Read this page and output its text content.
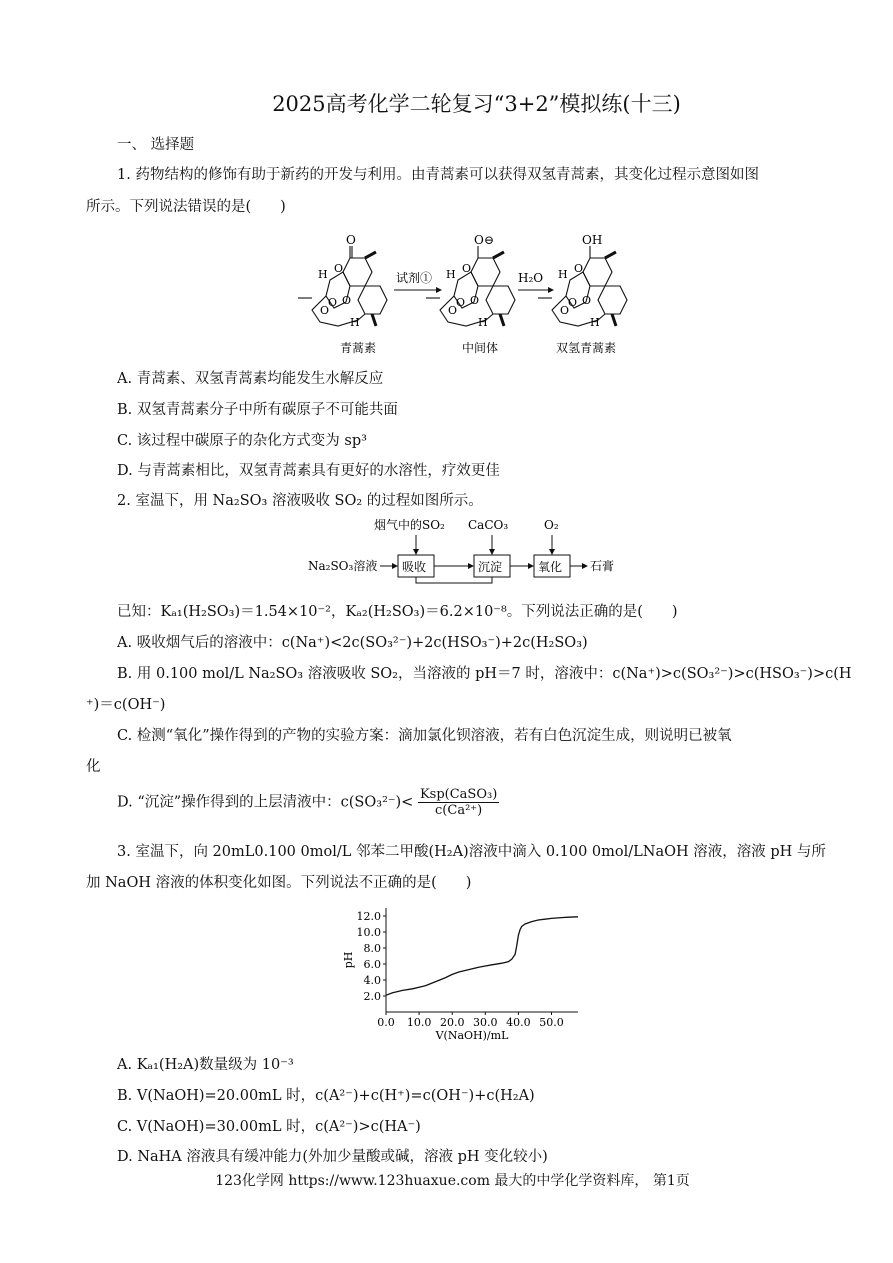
2025高考化学二轮复习“3+2”模拟练(十三)
一、 选择题
1. 药物结构的修饰有助于新药的开发与利用。由青蒿素可以获得双氢青蒿素，其变化过程示意图如图
所示。下列说法错误的是(　　)
O
O
H
O O
O
H
青蒿素
试剂①
O⊖
O
H
O O
O
H
中间体
H₂O
OH
O
H
O O
O
H
双氢青蒿素
A. 青蒿素、双氢青蒿素均能发生水解反应
B. 双氢青蒿素分子中所有碳原子不可能共面
C. 该过程中碳原子的杂化方式变为 sp³
D. 与青蒿素相比，双氢青蒿素具有更好的水溶性，疗效更佳
2. 室温下，用 Na₂SO₃ 溶液吸收 SO₂ 的过程如图所示。
Na₂SO₃溶液 吸收	沉淀	氧化 石膏
烟气中的SO₂ CaCO₃	O₂
已知：Kₐ₁(H₂SO₃)＝1.54×10⁻²，Kₐ₂(H₂SO₃)＝6.2×10⁻⁸。下列说法正确的是(　　)
A. 吸收烟气后的溶液中：c(Na⁺)<2c(SO₃²⁻)+2c(HSO₃⁻)+2c(H₂SO₃)
B. 用 0.100 mol/L Na₂SO₃ 溶液吸收 SO₂，当溶液的 pH＝7 时，溶液中：c(Na⁺)>c(SO₃²⁻)>c(HSO₃⁻)>c(H
⁺)＝c(OH⁻)
C. 检测“氧化”操作得到的产物的实验方案：滴加氯化钡溶液，若有白色沉淀生成，则说明已被氧
化
D. “沉淀”操作得到的上层清液中：$c(SO_3^{2-})< \frac{\text{Ksp(CaSO₃)}}{\text{c(Ca²⁺)}}$
3. 室温下，向 20mL0.100 0mol/L 邻苯二甲酸(H₂A)溶液中滴入 0.100 0mol/LNaOH 溶液，溶液 pH 与所
加 NaOH 溶液的体积变化如图。下列说法不正确的是(　　)
0.0 10.0 20.0 30.0 40.0 50.0
2.0
4.0
6.0
8.0
10.0
12.0
V(NaOH)/mL
pH
A. Kₐ₁(H₂A)数量级为 10⁻³
B. V(NaOH)=20.00mL 时，c(A²⁻)+c(H⁺)=c(OH⁻)+c(H₂A)
C. V(NaOH)=30.00mL 时，c(A²⁻)>c(HA⁻)
D. NaHA 溶液具有缓冲能力(外加少量酸或碱，溶液 pH 变化较小)
123化学网 https://www.123huaxue.com 最大的中学化学资料库， 第1页
